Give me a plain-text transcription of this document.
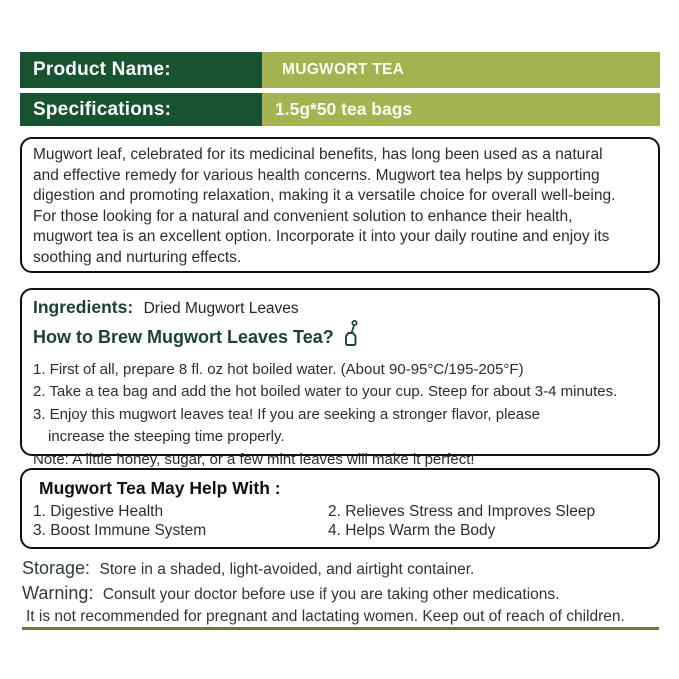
Product Name:	MUGWORT TEA
Specifications:	1.5g*50 tea bags
Mugwort leaf, celebrated for its medicinal benefits, has long been used as a natural
and effective remedy for various health concerns. Mugwort tea helps by supporting
digestion and promoting relaxation, making it a versatile choice for overall well-being.
For those looking for a natural and convenient solution to enhance their health,
mugwort tea is an excellent option. Incorporate it into your daily routine and enjoy its
soothing and nurturing effects.
Ingredients: Dried Mugwort Leaves
How to Brew Mugwort Leaves Tea?
1. First of all, prepare 8 fl. oz hot boiled water. (About 90-95°C/195-205°F)
2. Take a tea bag and add the hot boiled water to your cup. Steep for about 3-4 minutes.
3. Enjoy this mugwort leaves tea! If you are seeking a stronger flavor, please
increase the steeping time properly.
Note: A little honey, sugar, or a few mint leaves will make it perfect!
Mugwort Tea May Help With :
1. Digestive Health	2. Relieves Stress and Improves Sleep
3. Boost Immune System	4. Helps Warm the Body
Storage: Store in a shaded, light-avoided, and airtight container.
Warning: Consult your doctor before use if you are taking other medications.
It is not recommended for pregnant and lactating women. Keep out of reach of children.
